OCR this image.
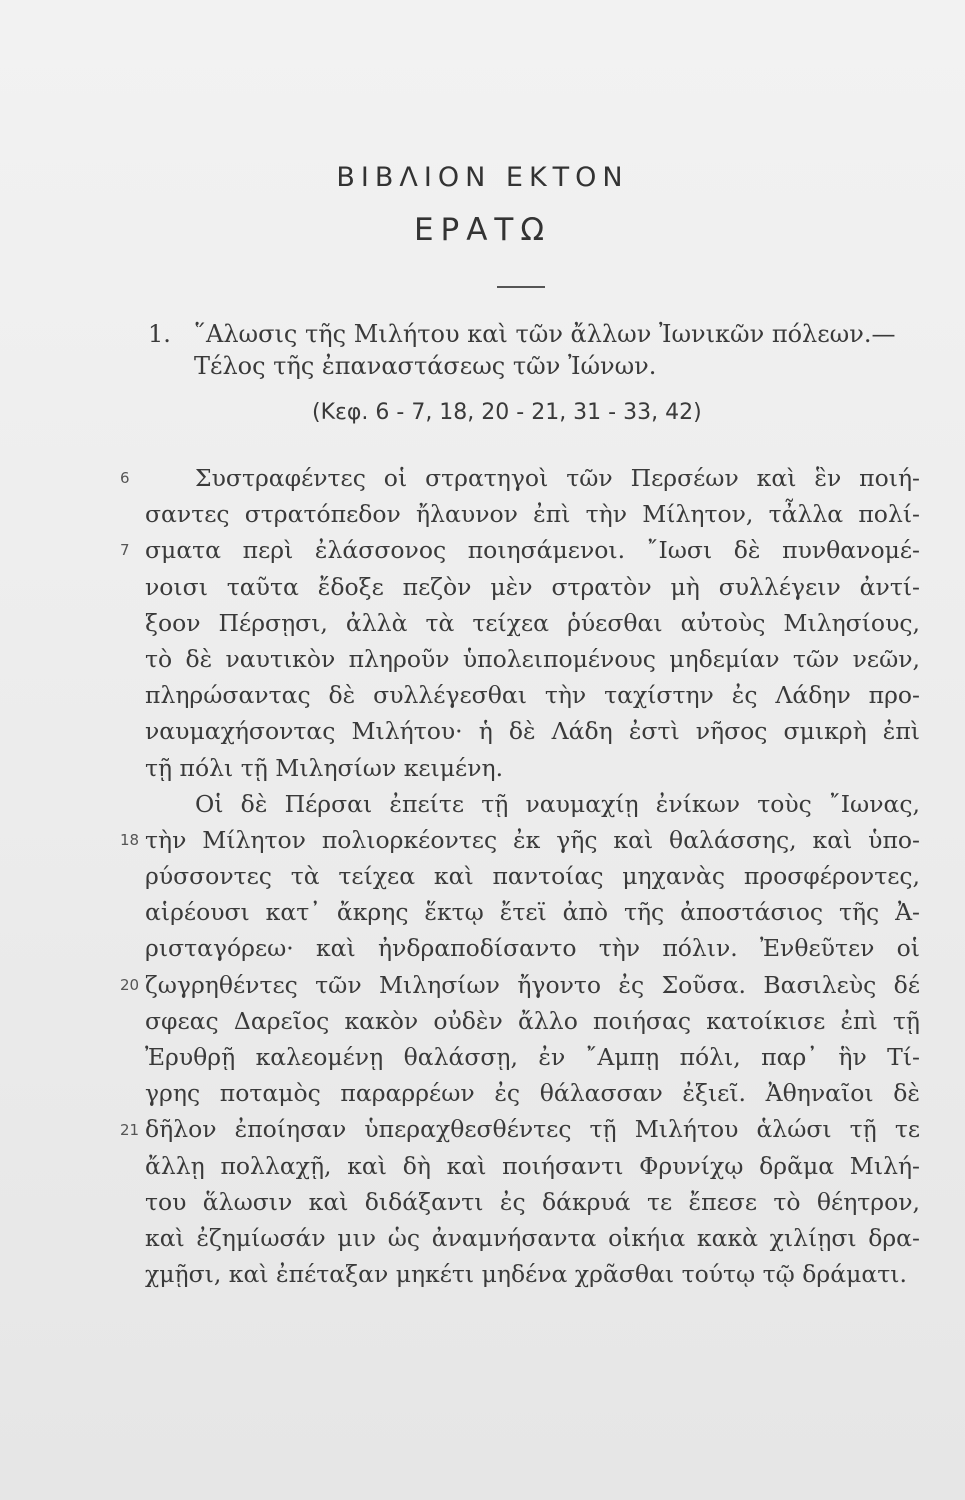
ΒΙΒΛΙΟΝ ΕΚΤΟΝ
ΕΡΑΤΩ
1. ῞Αλωσις τῆς Μιλήτου καὶ τῶν ἄλλων Ἰωνικῶν πόλεων.—
Τέλος τῆς ἐπαναστάσεως τῶν Ἰώνων.
(Κεφ. 6 - 7, 18, 20 - 21, 31 - 33, 42)
6
7
18
20
21
Συστραφέντες οἱ στρατηγοὶ τῶν Περσέων καὶ ἓν ποιή-
σαντες στρατόπεδον ἤλαυνον ἐπὶ τὴν Μίλητον, τἆλλα πολί-
σματα περὶ ἐλάσσονος ποιησάμενοι. ῎Ιωσι δὲ πυνθανομέ-
νοισι ταῦτα ἔδοξε πεζὸν μὲν στρατὸν μὴ συλλέγειν ἀντί-
ξοον Πέρσῃσι, ἀλλὰ τὰ τείχεα ῥύεσθαι αὐτοὺς Μιλησίους,
τὸ δὲ ναυτικὸν πληροῦν ὑπολειπομένους μηδεμίαν τῶν νεῶν,
πληρώσαντας δὲ συλλέγεσθαι τὴν ταχίστην ἐς Λάδην προ-
ναυμαχήσοντας Μιλήτου· ἡ δὲ Λάδη ἐστὶ νῆσος σμικρὴ ἐπὶ
τῇ πόλι τῇ Μιλησίων κειμένη.
Οἱ δὲ Πέρσαι ἐπείτε τῇ ναυμαχίῃ ἐνίκων τοὺς ῎Ιωνας,
τὴν Μίλητον πολιορκέοντες ἐκ γῆς καὶ θαλάσσης, καὶ ὑπο-
ρύσσοντες τὰ τείχεα καὶ παντοίας μηχανὰς προσφέροντες,
αἱρέουσι κατ᾽ ἄκρης ἕκτῳ ἔτεϊ ἀπὸ τῆς ἀποστάσιος τῆς Ἀ-
ρισταγόρεω· καὶ ἠνδραποδίσαντο τὴν πόλιν. Ἐνθεῦτεν οἱ
ζωγρηθέντες τῶν Μιλησίων ἤγοντο ἐς Σοῦσα. Βασιλεὺς δέ
σφεας Δαρεῖος κακὸν οὐδὲν ἄλλο ποιήσας κατοίκισε ἐπὶ τῇ
Ἐρυθρῇ καλεομένῃ θαλάσσῃ, ἐν ῎Αμπῃ πόλι, παρ᾽ ἣν Τί-
γρης ποταμὸς παραρρέων ἐς θάλασσαν ἐξιεῖ. Ἀθηναῖοι δὲ
δῆλον ἐποίησαν ὑπεραχθεσθέντες τῇ Μιλήτου ἁλώσι τῇ τε
ἄλλῃ πολλαχῇ, καὶ δὴ καὶ ποιήσαντι Φρυνίχῳ δρᾶμα Μιλή-
του ἅλωσιν καὶ διδάξαντι ἐς δάκρυά τε ἔπεσε τὸ θέητρον,
καὶ ἐζημίωσάν μιν ὡς ἀναμνήσαντα οἰκήια κακὰ χιλίῃσι δρα-
χμῇσι, καὶ ἐπέταξαν μηκέτι μηδένα χρᾶσθαι τούτῳ τῷ δράματι.
